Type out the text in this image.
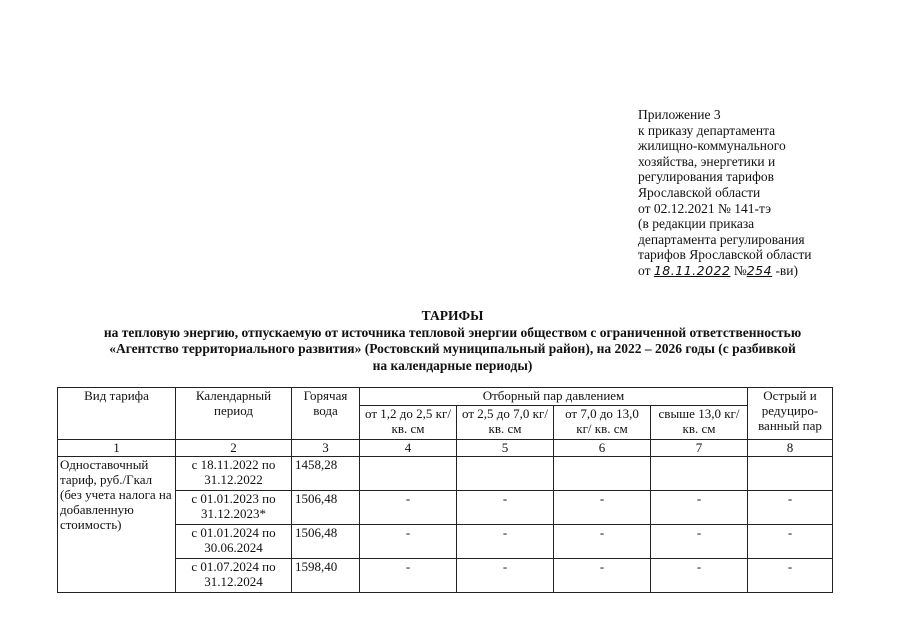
Приложение 3
к приказу департамента
жилищно-коммунального
хозяйства, энергетики и
регулирования тарифов
Ярославской области
от 02.12.2021 № 141-тэ
(в редакции приказа
департамента регулирования
тарифов Ярославской области
от 18.11.2022 №254 -ви)
ТАРИФЫ
на тепловую энергию, отпускаемую от источника тепловой энергии обществом с ограниченной ответственностью
«Агентство территориального развития» (Ростовский муниципальный район), на 2022 – 2026 годы (с разбивкой
на календарные периоды)
Вид тарифа	Календарный период	Горячая вода	Отборный пар давлением				Острый и редуциро-ванный пар
			от 1,2 до 2,5 кг/ кв. см	от 2,5 до 7,0 кг/ кв. см	от 7,0 до 13,0 кг/ кв. см	свыше 13,0 кг/ кв. см	
1	2	3	4	5	6	7	8
Одноставочный тариф, руб./Гкал (без учета налога на добавленную стоимость)	с 18.11.2022 по 31.12.2022	1458,28					
	с 01.01.2023 по 31.12.2023*	1506,48	-	-	-	-	-
	с 01.01.2024 по 30.06.2024	1506,48	-	-	-	-	-
	с 01.07.2024 по 31.12.2024	1598,40	-	-	-	-	-
